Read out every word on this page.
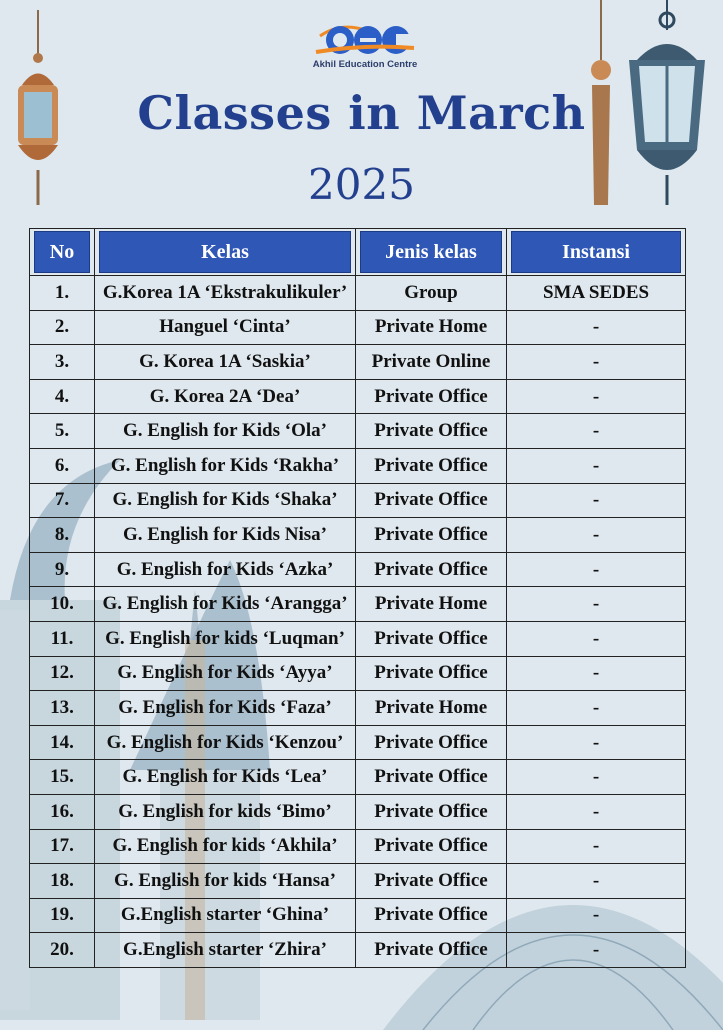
Akhil Education Centre
Classes in March
2025
No	Kelas	Jenis kelas	Instansi

1.	G.Korea 1A ‘Ekstrakulikuler’	Group	SMA SEDES
2.	Hanguel ‘Cinta’	Private Home	-
3.	G. Korea 1A ‘Saskia’	Private Online	-
4.	G. Korea 2A ‘Dea’	Private Office	-
5.	G. English for Kids ‘Ola’	Private Office	-
6.	G. English for Kids ‘Rakha’	Private Office	-
7.	G. English for Kids ‘Shaka’	Private Office	-
8.	G. English for Kids Nisa’	Private Office	-
9.	G. English for Kids ‘Azka’	Private Office	-
10.	G. English for Kids ‘Arangga’	Private Home	-
11.	G. English for kids ‘Luqman’	Private Office	-
12.	G. English for Kids ‘Ayya’	Private Office	-
13.	G. English for Kids ‘Faza’	Private Home	-
14.	G. English for Kids ‘Kenzou’	Private Office	-
15.	G. English for Kids ‘Lea’	Private Office	-
16.	G. English for kids ‘Bimo’	Private Office	-
17.	G. English for kids ‘Akhila’	Private Office	-
18.	G. English for kids ‘Hansa’	Private Office	-
19.	G.English starter ‘Ghina’	Private Office	-
20.	G.English starter ‘Zhira’	Private Office	-
